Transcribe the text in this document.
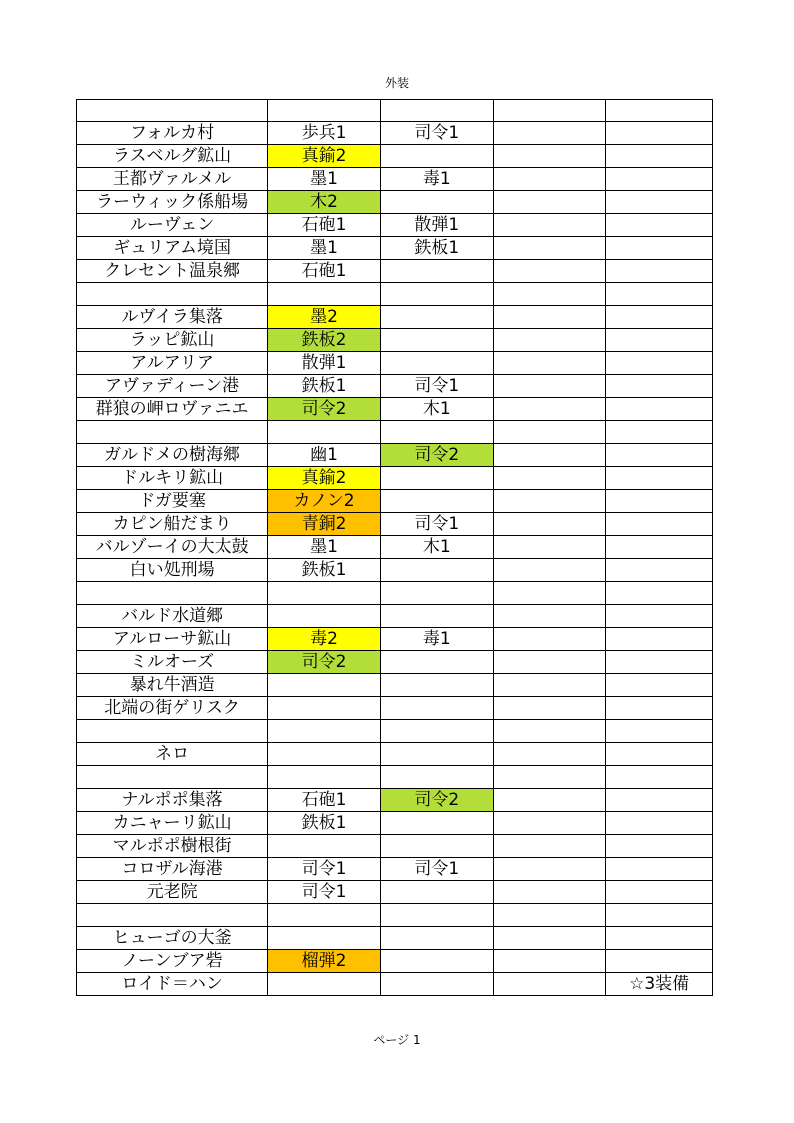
外装

フォルカ村	歩兵1	司令1		
ラスベルグ鉱山	真鍮2			
王都ヴァルメル	墨1	毒1		
ラーウィック係船場	木2			
ルーヴェン	石砲1	散弾1		
ギュリアム境国	墨1	鉄板1		
クレセント温泉郷	石砲1			

ルヴイラ集落	墨2			
ラッピ鉱山	鉄板2			
アルアリア	散弾1			
アヴァディーン港	鉄板1	司令1		
群狼の岬ロヴァニエ	司令2	木1		

ガルドメの樹海郷	幽1	司令2		
ドルキリ鉱山	真鍮2			
ドガ要塞	カノン2			
カピン船だまり	青銅2	司令1		
バルゾーイの大太鼓	墨1	木1		
白い処刑場	鉄板1			

バルド水道郷				
アルローサ鉱山	毒2	毒1		
ミルオーズ	司令2			
暴れ牛酒造				
北端の街ゲリスク				

ネロ				

ナルポポ集落	石砲1	司令2		
カニャーリ鉱山	鉄板1			
マルポポ樹根街				
コロザル海港	司令1	司令1		
元老院	司令1			

ヒューゴの大釜				
ノーンブア砦	榴弾2			
ロイド＝ハン				☆3装備
ページ 1
